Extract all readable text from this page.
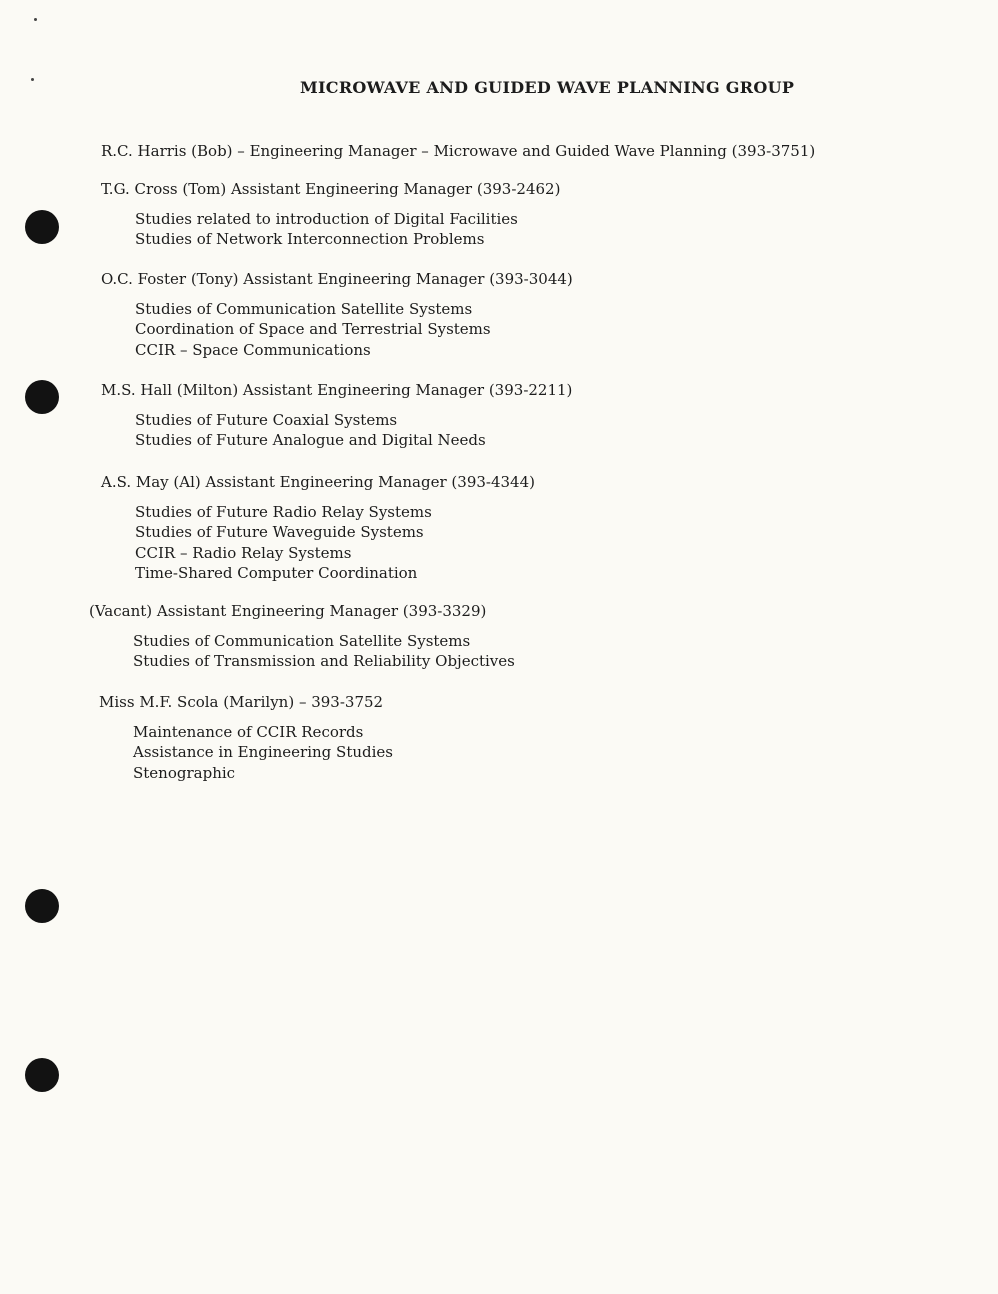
MICROWAVE AND GUIDED WAVE PLANNING GROUP
R.C. Harris (Bob) – Engineering Manager – Microwave and Guided Wave Planning (393-3751)
T.G. Cross (Tom) Assistant Engineering Manager (393-2462)
Studies related to introduction of Digital Facilities
Studies of Network Interconnection Problems
O.C. Foster (Tony) Assistant Engineering Manager (393-3044)
Studies of Communication Satellite Systems
Coordination of Space and Terrestrial Systems
CCIR – Space Communications
M.S. Hall (Milton) Assistant Engineering Manager (393-2211)
Studies of Future Coaxial Systems
Studies of Future Analogue and Digital Needs
A.S. May (Al) Assistant Engineering Manager (393-4344)
Studies of Future Radio Relay Systems
Studies of Future Waveguide Systems
CCIR – Radio Relay Systems
Time-Shared Computer Coordination
(Vacant) Assistant Engineering Manager (393-3329)
Studies of Communication Satellite Systems
Studies of Transmission and Reliability Objectives
Miss M.F. Scola (Marilyn) – 393-3752
Maintenance of CCIR Records
Assistance in Engineering Studies
Stenographic
